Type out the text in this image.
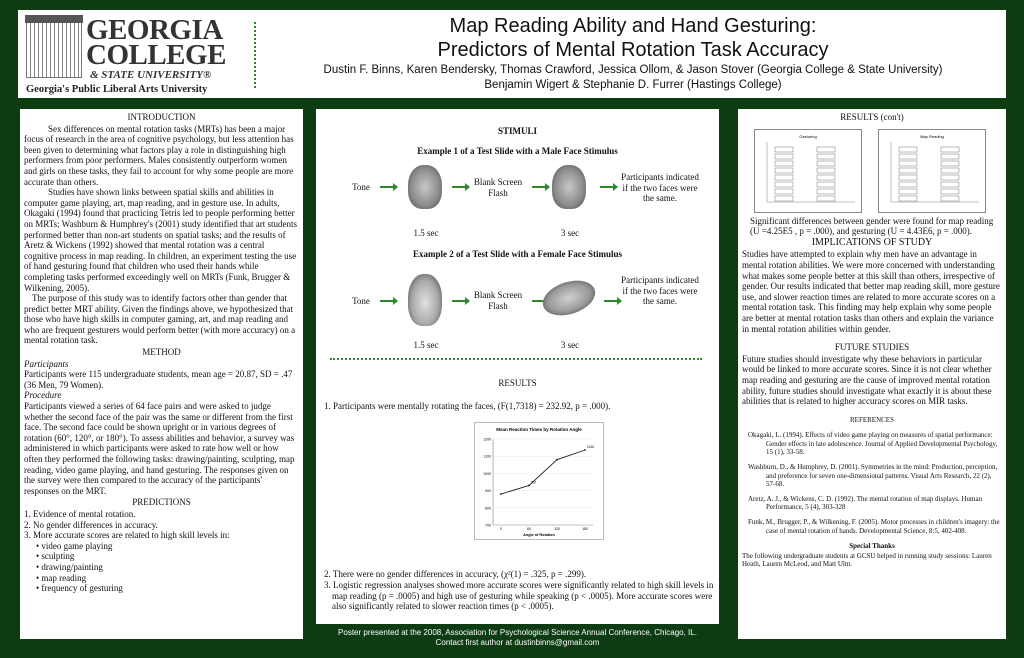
GEORGIA
COLLEGE
& STATE UNIVERSITY®
Georgia's Public Liberal Arts University
Map Reading Ability and Hand Gesturing:
Predictors of Mental Rotation Task Accuracy
Dustin F. Binns, Karen Bendersky, Thomas Crawford, Jessica Ollom, & Jason Stover (Georgia College & State University)
Benjamin Wigert & Stephanie D. Furrer (Hastings College)
INTRODUCTION
Sex differences on mental rotation tasks (MRTs) has been a major focus of research in the area of cognitive psychology, but less attention has been given to determining what factors play a role in distinguishing high performers from poor performers. Males consistently outperform women and girls on these tasks, they fail to account for why some people are more accurate than others.
Studies have shown links between spatial skills and abilities in computer game playing, art, map reading, and in gesture use. In adults, Okagaki (1994) found that practicing Tetris led to people performing better on MRTs; Washburn & Humphrey's (2001) study identified that art students performed better than non-art students on spatial tasks; and the results of Aretz & Wickens (1992) showed that mental rotation was a central cognitive process in map reading. In children, an experiment testing the use of hand gesturing found that children who used their hands while completing tasks performed exceedingly well on MRTs (Funk, Brugger & Wilkening, 2005).
The purpose of this study was to identify factors other than gender that predict better MRT ability. Given the findings above, we hypothesized that those who have high skills in computer gaming, art, and map reading and who are frequent gesturers would perform better (with more accuracy) on a mental rotation task.
METHOD
Participants
Participants were 115 undergraduate students, mean age = 20.87, SD = .47 (36 Men, 79 Women).
Procedure
Participants viewed a series of 64 face pairs and were asked to judge whether the second face of the pair was the same or different from the first face. The second face could be shown upright or in various degrees of rotation (60°, 120°, or 180°). To assess abilities and behavior, a survey was administered in which participants were asked to rate how well or how often they performed the following tasks: drawing/painting, sculpting, map reading, video game playing, and hand gesturing. The responses given on the survey were then compared to the accuracy of the participants' responses on the MRT.
PREDICTIONS
1. Evidence of mental rotation.
2. No gender differences in accuracy.
3. More accurate scores are related to high skill levels in:
• video game playing
• sculpting
• drawing/painting
• map reading
• frequency of gesturing
STIMULI
Example 1 of a Test Slide with a Male Face Stimulus
Tone	Blank Screen Flash
Participants indicated if the two faces were the same.
1.5 sec	3 sec
Example 2 of a Test Slide with a Female Face Stimulus
Tone
Blank Screen Flash
Participants indicated if the two faces were the same.
1.5 sec	3 sec
RESULTS
1. Participants were mentally rotating the faces, (F(1,7318) = 232.92, p = .000).
2. There were no gender differences in accuracy, (χ²(1) = .325, p = .299).
3. Logistic regression analyses showed more accurate scores were significantly related to high skill levels in map reading (p = .0005) and high use of gesturing while speaking (p < .0005). More accurate scores were also significantly related to slower reaction times (p < .0005).
Mean Reaction Times by Rotation Angle
1200
1100
1000
900
800
700
0	60	120	180
Angle of Rotation
937
1136
RESULTS (con't)
Gesturing	Map Reading
Significant differences between gender were found for map reading (U =4.25E5 , p = .000), and gesturing (U = 4.43E6, p = .000).
IMPLICATIONS OF STUDY
Studies have attempted to explain why men have an advantage in mental rotation abilities. We were more concerned with understanding what makes some people better at this skill than others, irrespective of gender. Our results indicated that better map reading skill, more gesture use, and slower reaction times are related to more accurate scores on a mental rotation task. This finding may help explain why some people are better at mental rotation tasks than others and explain the variance in mental rotation abilities within gender.
FUTURE STUDIES
Future studies should investigate why these behaviors in particular would be linked to more accurate scores. Since it is not clear whether map reading and gesturing are the cause of improved mental rotation ability, future studies should investigate what exactly it is about these abilities that is related to higher accuracy scores on MIR tasks.
REFERENCES
Okagaki, L. (1994). Effects of video game playing on measures of spatial performance: Gender effects in late adolescence. Journal of Applied Developmental Psychology, 15 (1), 33-58.
Washburn, D., & Humphrey, D. (2001). Symmetries in the mind: Production, perception, and preference for seven one-dimensional patterns. Visual Arts Research, 22 (2), 57-68.
Aretz, A. J., & Wickens, C. D. (1992). The mental rotation of map displays. Human Performance, 5 (4), 303-328
Funk, M., Brugger, P., & Wilkening, F. (2005). Motor processes in children's imagery: the case of mental rotation of hands. Developmental Science, 8:5, 402-408.
Special Thanks
The following undergraduate students at GCSU helped in running study sessions: Lauren Heath, Lauren McLeod, and Matt Ulm.
Poster presented at the 2008, Association for Psychological Science Annual Conference, Chicago, IL.
Contact first author at dustinbinns@gmail.com
